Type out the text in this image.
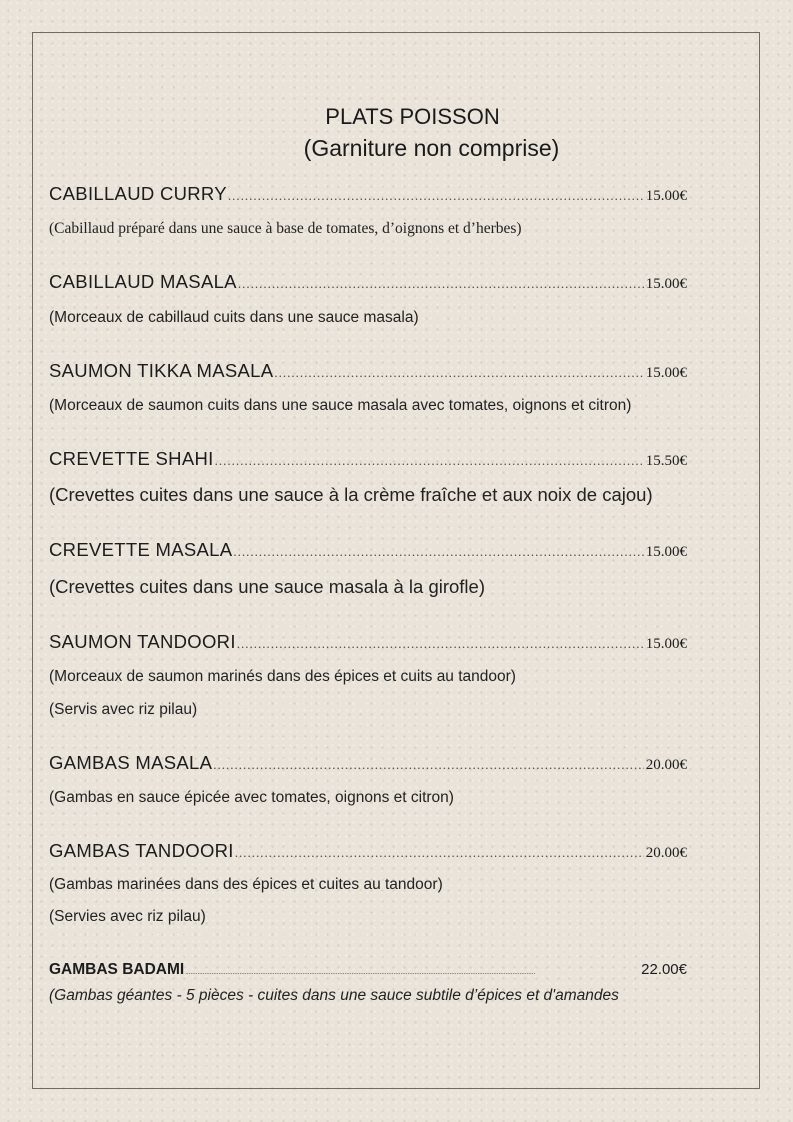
PLATS POISSON
(Garniture non comprise)
CABILLAUD CURRY .....	15.00€
(Cabillaud préparé dans une sauce à base de tomates, d’oignons et d’herbes)
CABILLAUD MASALA .....	15.00€
(Morceaux de cabillaud cuits dans une sauce masala)
SAUMON TIKKA MASALA .....	15.00€
(Morceaux de saumon cuits dans une sauce masala avec tomates, oignons et citron)
CREVETTE SHAHI .....	15.50€
(Crevettes cuites dans une sauce à la crème fraîche et aux noix de cajou)
CREVETTE MASALA .....	15.00€
(Crevettes cuites dans une sauce masala à la girofle)
SAUMON TANDOORI .....	15.00€
(Morceaux de saumon marinés dans des épices et cuits au tandoor)
(Servis avec riz pilau)
GAMBAS MASALA .....	20.00€
(Gambas en sauce épicée avec tomates, oignons et citron)
GAMBAS TANDOORI .....	20.00€
(Gambas marinées dans des épices et cuites au tandoor)
(Servies avec riz pilau)
GAMBAS BADAMI .....	22.00€
(Gambas géantes - 5 pièces - cuites dans une sauce subtile d’épices et d'amandes
